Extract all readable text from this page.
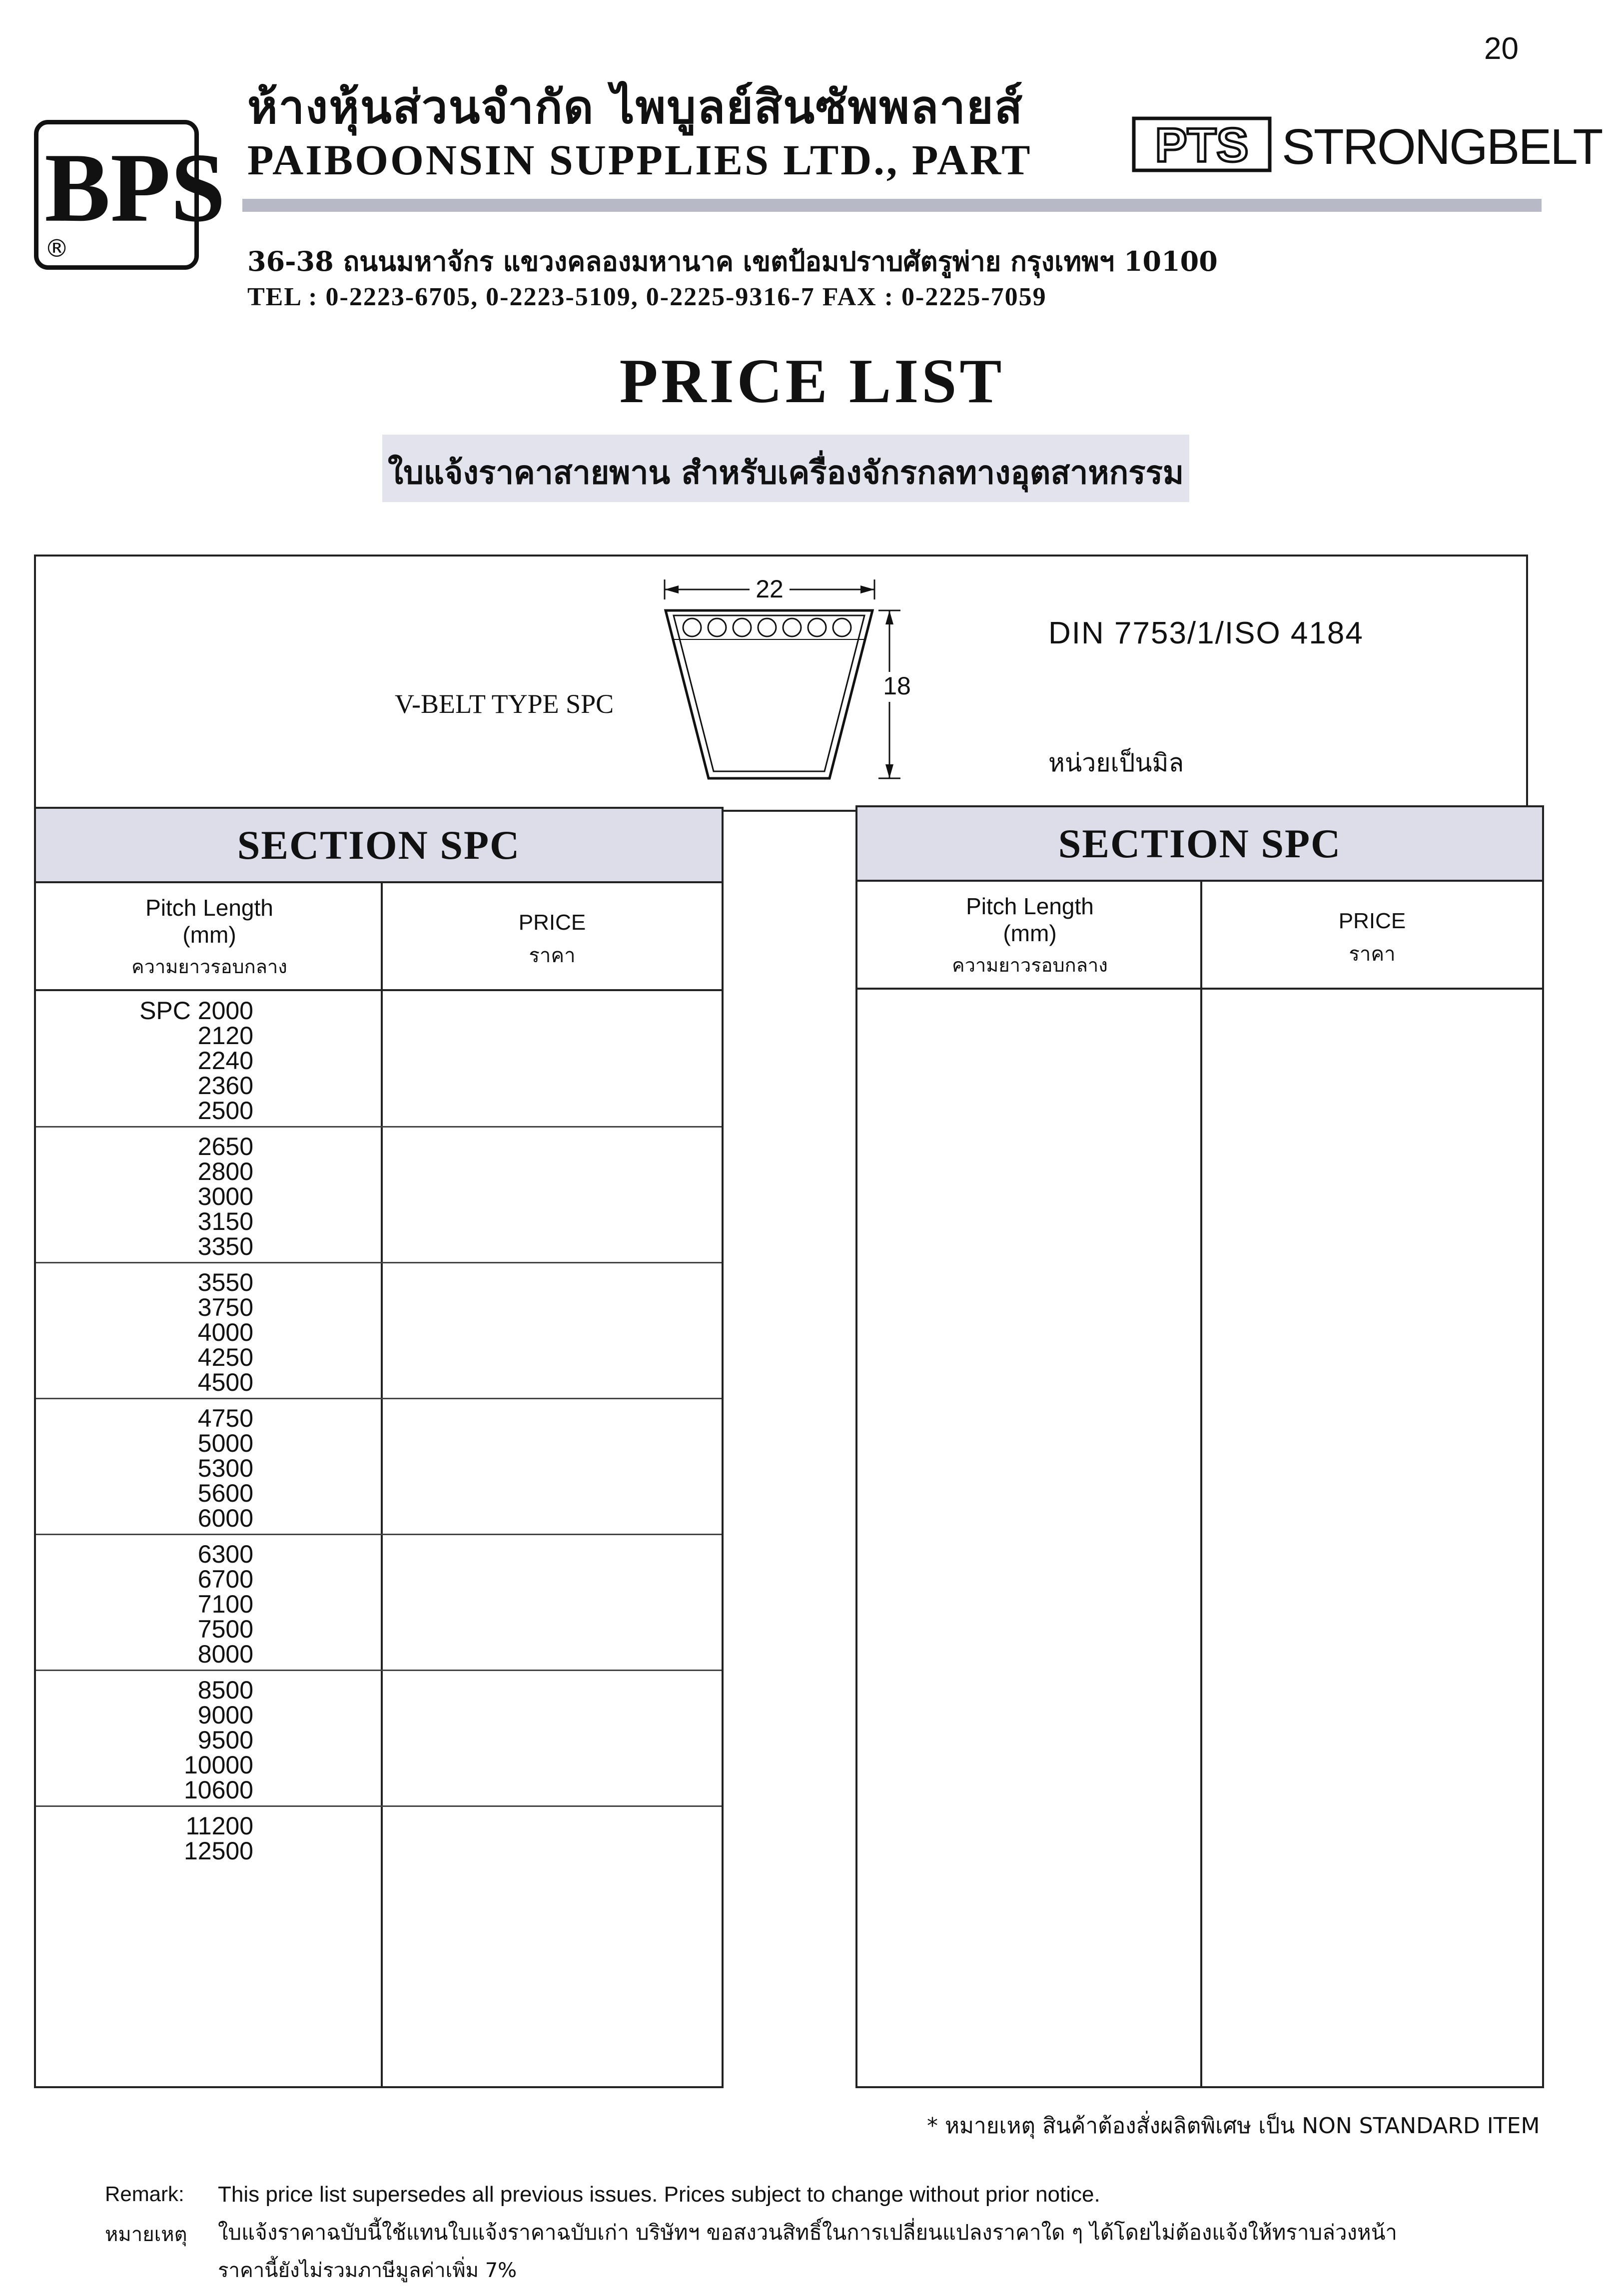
20
BPS
®
ห้างหุ้นส่วนจำกัด ไพบูลย์สินซัพพลายส์
PAIBOONSIN SUPPLIES LTD., PART	PTS STRONGBELT
36-38 ถนนมหาจักร แขวงคลองมหานาค เขตป้อมปราบศัตรูพ่าย กรุงเทพฯ 10100
TEL : 0-2223-6705, 0-2223-5109, 0-2225-9316-7 FAX : 0-2225-7059
PRICE LIST
ใบแจ้งราคาสายพาน สำหรับเครื่องจักรกลทางอุตสาหกรรม
V-BELT TYPE SPC
22
18
DIN 7753/1/ISO 4184
หน่วยเป็นมิล
SECTION SPC
Pitch Length
(mm)
ความยาวรอบกลาง
PRICE
ราคา
SPC 2000
2120
2240
2360
2500
2650
2800
3000
3150
3350
3550
3750
4000
4250
4500
4750
5000
5300
5600
6000
6300
6700
7100
7500
8000
8500
9000
9500
10000
10600
11200
12500
SECTION SPC
Pitch Length
(mm)
ความยาวรอบกลาง
PRICE
ราคา
* หมายเหตุ สินค้าต้องสั่งผลิตพิเศษ เป็น NON STANDARD ITEM
Remark: This price list supersedes all previous issues. Prices subject to change without prior notice.
หมายเหตุ ใบแจ้งราคาฉบับนี้ใช้แทนใบแจ้งราคาฉบับเก่า บริษัทฯ ขอสงวนสิทธิ์ในการเปลี่ยนแปลงราคาใด ๆ ได้โดยไม่ต้องแจ้งให้ทราบล่วงหน้า
ราคานี้ยังไม่รวมภาษีมูลค่าเพิ่ม 7%
